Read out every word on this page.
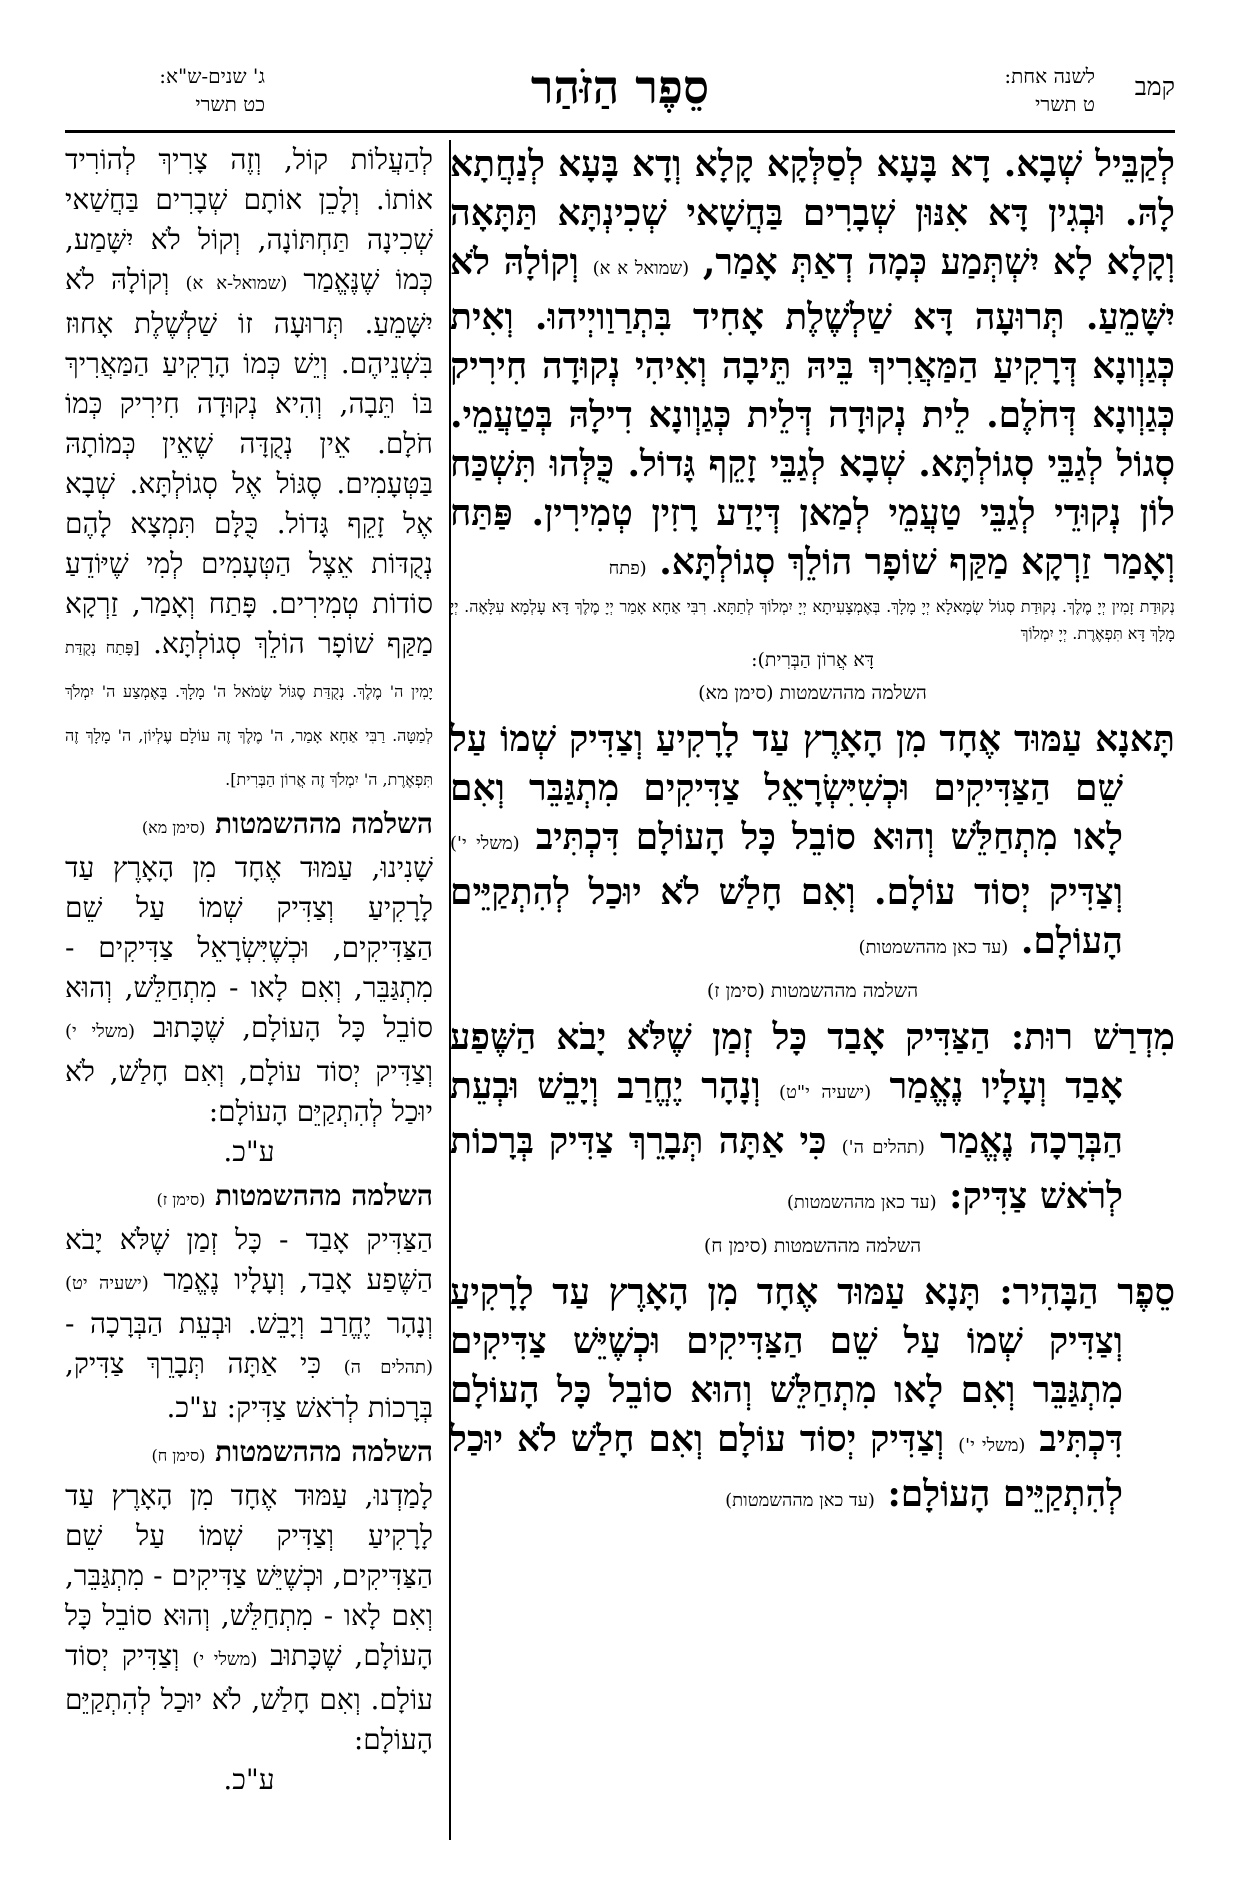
קמב
לשנה אחת:
ט תשרי
סֵפֶר הַזֹּהַר
ג' שנים-ש"א:
כט תשרי

לְקַבֵּיל שְׁבָא. דָא בָּעָא לְסַלְּקָא קָלָא וְדָא בָּעָא לְנַחֲתָא לָהּ. וּבְגִין דָּא אִנּוּן שְׁבָרִים בַּחֲשָׁאי שְׁכִינְתָּא תַּתָּאָה וְקָלָא לָא יִשְׁתְּמַע כְּמָה דְאַתְּ אָמַר, (שמואל א א) וְקוֹלָהּ לֹא יִשָּׁמֵעַ. תְּרוּעָה דָּא שַׁלְשֶׁלֶת אָחִיד בִּתְרַוַויְיהוּ. וְאִית כְּגַוְונָא דְּרָקִיעַ הַמַּאֲרִיךְ בֵּיהּ תֵּיבָה וְאִיהִי נְקוּדָה חִירִיק כְּגַוְונָא דְּחֹלֶם. לֵית נְקוּדָה דְּלֵית כְּגַוְונָא דִילָהּ בְּטַעֲמֵי. סְגוֹל לְגַבֵּי סְגוֹלְתָּא. שְׁבָא לְגַבֵּי זָקֵף גָּדוֹל. כֻּלְּהוּ תִּשְׁכַּח לוֹן נְקוּדֵי לְגַבֵּי טַעֲמֵי לְמַאן דְּיָדַע רָזִין טְמִירִין. פַּתַּח וְאָמַר זַרְקָא מַקַּף שׁוֹפָר הוֹלֵךְ סְגוֹלְתָּא. (פתח

נְקוּדַת זָמִין יְיָ מֶלֶךְ. נְקוּדַת סְגוֹל שְׂמָאלָא יְיָ מָלָךְ. בְּאֶמְצָעִיתָא יְיָ יִמְלוֹךְ לְתַתָּא. רִבִּי אַחָא אָמַר יְיָ מֶלֶךְ דָּא עָלְמָא עִלָּאָה. יְיָ מָלָךְ דָּא תִּפְאֶרֶת. יְיָ יִמְלוֹךְ

דָּא אֲרוֹן הַבְּרִית):

השלמה מההשמטות (סימן מא)

תָּאנָא עַמּוּד אֶחָד מִן הָאָרֶץ עַד לָרָקִיעַ וְצַדִּיק שְׁמוֹ עַל שֵׁם הַצַּדִּיקִים וּכְשִׁיִּשְׂרָאֵל צַדִּיקִים מִתְגַּבֵּר וְאִם לָאו מִתְחַלֵּשׁ וְהוּא סוֹבֵל כָּל הָעוֹלָם דִּכְתִּיב (משלי י') וְצַדִּיק יְסוֹד עוֹלָם. וְאִם חָלַשׁ לֹא יוּכַל לְהִתְקַיֵּים הָעוֹלָם. (עד כאן מההשמטות)

השלמה מההשמטות (סימן ז)

מִדְרַשׁ רוּת: הַצַּדִּיק אָבַד כָּל זְמַן שֶׁלֹּא יָבֹא הַשֶּׁפַע אָבַד וְעָלָיו נֶאֱמַר (ישעיה י"ט) וְנָהָר יֶחֱרַב וְיָבֵשׁ וּבְעֵת הַבְּרָכָה נֶאֱמַר (תהלים ה') כִּי אַתָּה תְּבָרֵךְ צַדִּיק בְּרָכוֹת לְרֹאשׁ צַדִּיק: (עד כאן מההשמטות)

השלמה מההשמטות (סימן ח)

סֵפֶר הַבָּהִיר: תָּנָא עַמּוּד אֶחָד מִן הָאָרֶץ עַד לָרָקִיעַ וְצַדִּיק שְׁמוֹ עַל שֵׁם הַצַּדִּיקִים וּכְשֶׁיֵּשׁ צַדִּיקִים מִתְגַּבֵּר וְאִם לָאו מִתְחַלֵּשׁ וְהוּא סוֹבֵל כָּל הָעוֹלָם דִּכְתִּיב (משלי י') וְצַדִּיק יְסוֹד עוֹלָם וְאִם חָלַשׁ לֹא יוּכַל לְהִתְקַיֵּים הָעוֹלָם: (עד כאן מההשמטות)

לְהַעֲלוֹת קוֹל, וְזֶה צָרִיךְ לְהוֹרִיד אוֹתוֹ. וְלָכֵן אוֹתָם שְׁבָרִים בַּחֲשַׁאי שְׁכִינָה תַּחְתּוֹנָה, וְקוֹל לֹא יִשָּׁמַע, כְּמוֹ שֶׁנֶּאֱמַר (שמואל-א א) וְקוֹלָהּ לֹא יִשָּׁמֵעַ. תְּרוּעָה זוֹ שַׁלְשֶׁלֶת אָחוּז בִּשְׁנֵיהֶם. וְיֵשׁ כְּמוֹ הָרָקִיעַ הַמַּאֲרִיךְ בּוֹ תֵּבָה, וְהִיא נְקוּדָה חִירִיק כְּמוֹ חֹלָם. אֵין נְקֻדָּה שֶׁאֵין כְּמוֹתָהּ בַּטְּעָמִים. סֶגּוֹל אֶל סְגוֹלְתָּא. שְׁבָא אֶל זָקֵף גָּדוֹל. כֻּלָּם תִּמְצָא לָהֶם נְקֻדּוֹת אֵצֶל הַטְּעָמִים לְמִי שֶׁיּוֹדֵעַ סוֹדוֹת טְמִירִים. פָּתַח וְאָמַר, זַרְקָא מַקַּף שׁוֹפָר הוֹלֵךְ סְגוֹלְתָּא. [פָּתַח נְקֻדַּת יָמִין ה' מֶלֶךְ. נְקֻדַּת סֶגּוֹל שְׂמֹאל ה' מָלָךְ. בָּאֶמְצַע ה' יִמְלֹךְ לְמַטָּה. רַבִּי אַחָא אָמַר, ה' מֶלֶךְ זֶה עוֹלָם עֶלְיוֹן, ה' מָלָךְ זֶה תִּפְאֶרֶת, ה' יִמְלֹךְ זֶה אֲרוֹן הַבְּרִית].

השלמה מההשמטות (סימן מא)

שָׁנִינוּ, עַמּוּד אֶחָד מִן הָאָרֶץ עַד לָרָקִיעַ וְצַדִּיק שְׁמוֹ עַל שֵׁם הַצַּדִּיקִים, וּכְשֶׁיִּשְׂרָאֵל צַדִּיקִים - מִתְגַּבֵּר, וְאִם לָאו - מִתְחַלֵּשׁ, וְהוּא סוֹבֵל כָּל הָעוֹלָם, שֶׁכָּתוּב (משלי י) וְצַדִּיק יְסוֹד עוֹלָם, וְאִם חָלַשׁ, לֹא יוּכַל לְהִתְקַיֵּם הָעוֹלָם:

ע"כ.

השלמה מההשמטות (סימן ז)

הַצַּדִּיק אָבַד - כָּל זְמַן שֶׁלֹּא יָבֹא הַשֶּׁפַע אָבַד, וְעָלָיו נֶאֱמַר (ישעיה יט) וְנָהָר יֶחֱרַב וְיָבֵשׁ. וּבְעֵת הַבְּרָכָה - (תהלים ה) כִּי אַתָּה תְּבָרֵךְ צַדִּיק, בְּרָכוֹת לְרֹאשׁ צַדִּיק: ע"כ.

השלמה מההשמטות (סימן ח)

לָמַדְנוּ, עַמּוּד אֶחָד מִן הָאָרֶץ עַד לָרָקִיעַ וְצַדִּיק שְׁמוֹ עַל שֵׁם הַצַּדִּיקִים, וּכְשֶׁיֵּשׁ צַדִּיקִים - מִתְגַּבֵּר, וְאִם לָאו - מִתְחַלֵּשׁ, וְהוּא סוֹבֵל כָּל הָעוֹלָם, שֶׁכָּתוּב (משלי י) וְצַדִּיק יְסוֹד עוֹלָם. וְאִם חָלַשׁ, לֹא יוּכַל לְהִתְקַיֵּם הָעוֹלָם:

ע"כ.
